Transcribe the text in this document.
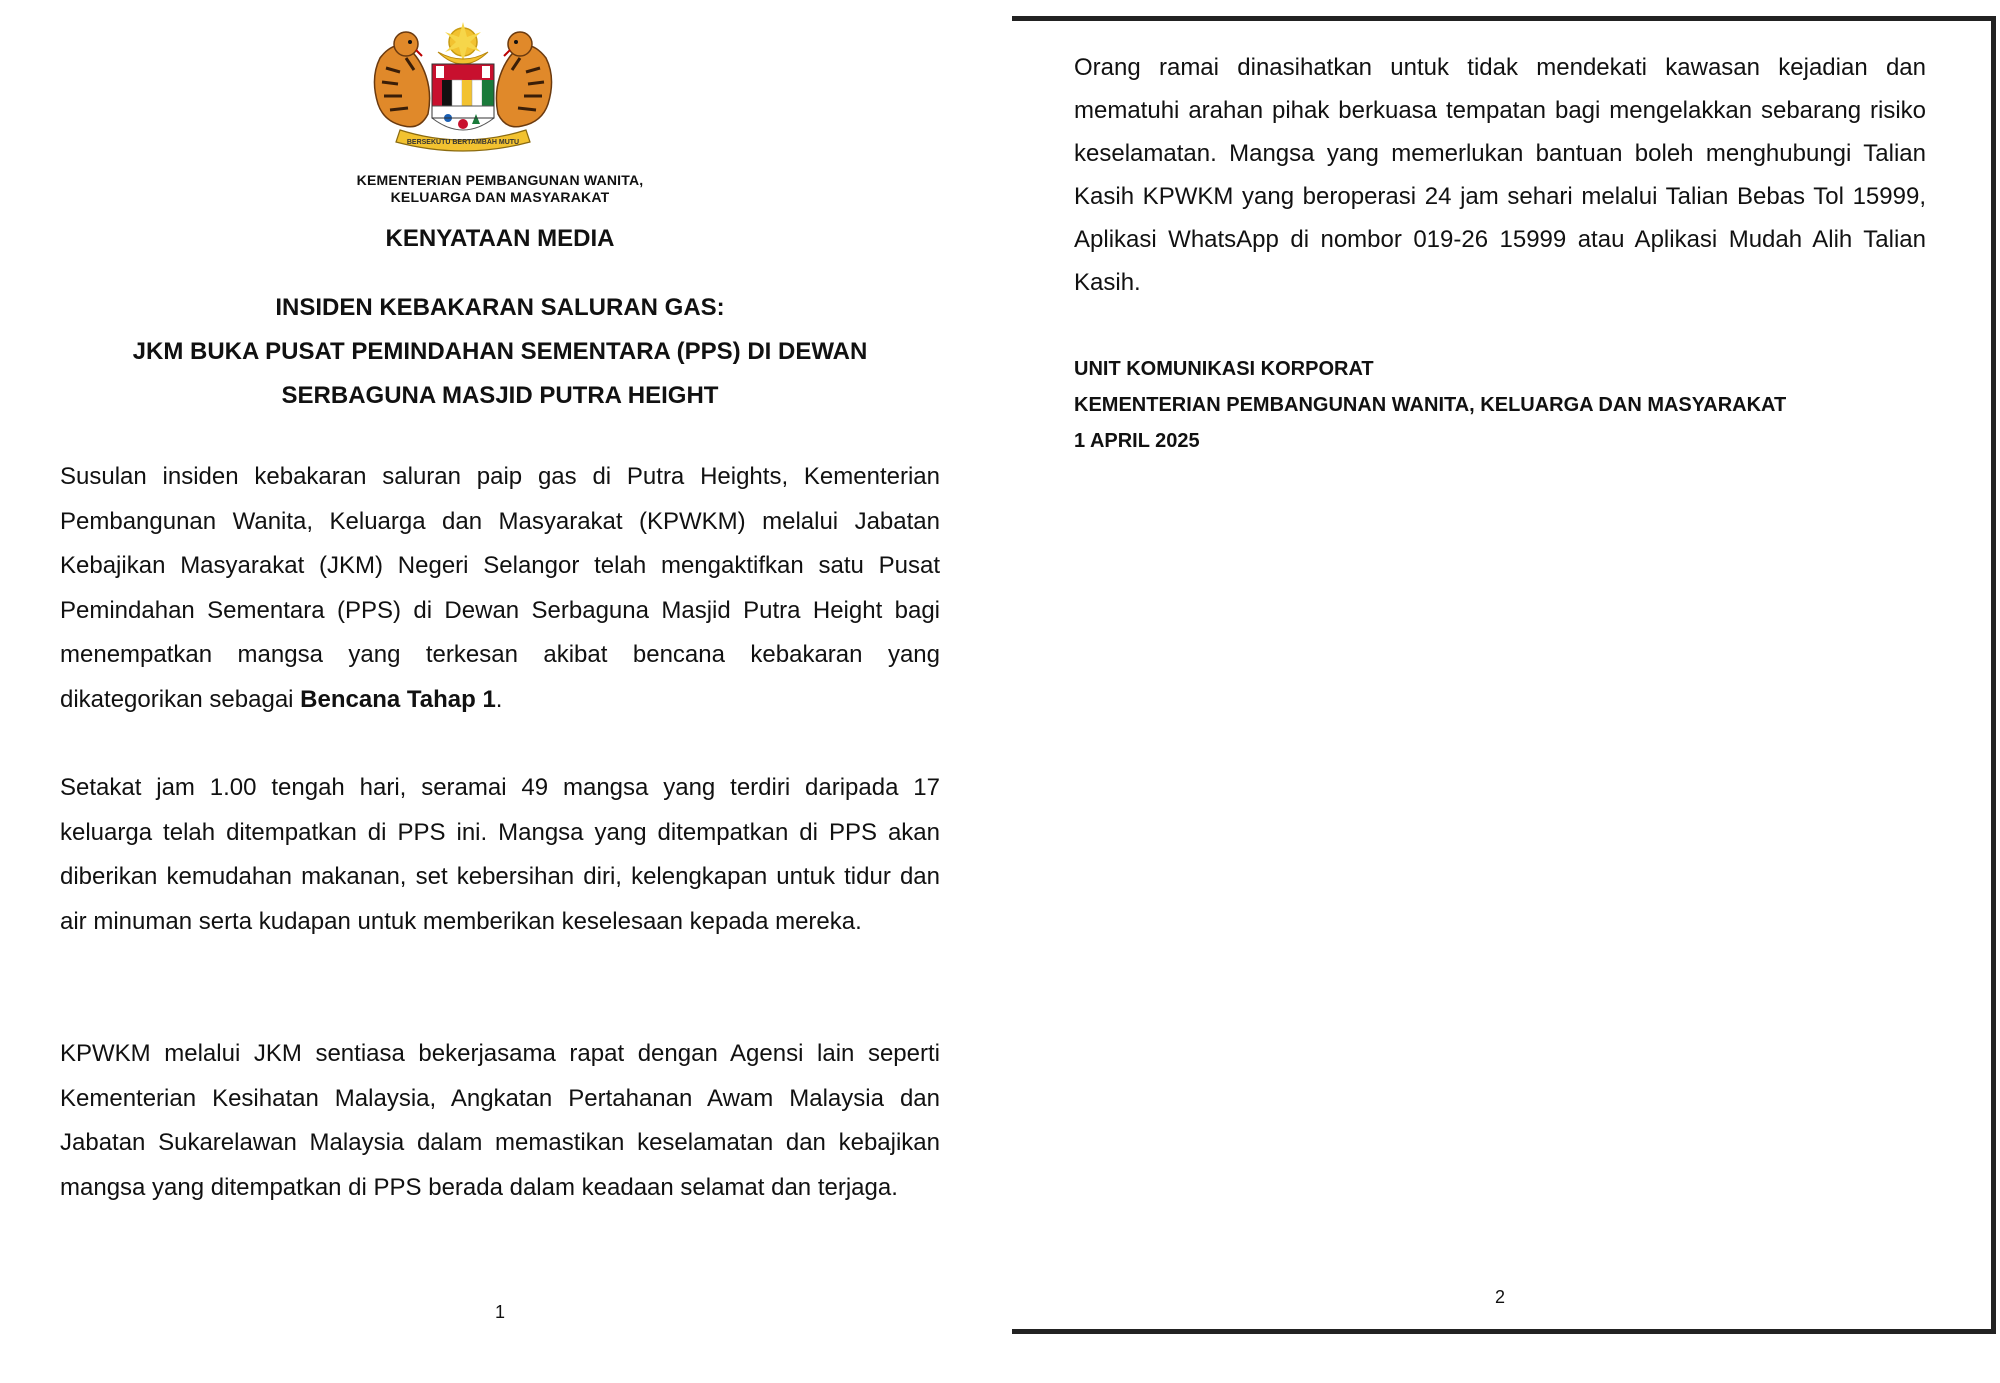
BERSEKUTU BERTAMBAH MUTU
KEMENTERIAN PEMBANGUNAN WANITA,
KELUARGA DAN MASYARAKAT
KENYATAAN MEDIA
INSIDEN KEBAKARAN SALURAN GAS:
JKM BUKA PUSAT PEMINDAHAN SEMENTARA (PPS) DI DEWAN
SERBAGUNA MASJID PUTRA HEIGHT
Susulan insiden kebakaran saluran paip gas di Putra Heights, Kementerian Pembangunan Wanita, Keluarga dan Masyarakat (KPWKM) melalui Jabatan Kebajikan Masyarakat (JKM) Negeri Selangor telah mengaktifkan satu Pusat Pemindahan Sementara (PPS) di Dewan Serbaguna Masjid Putra Height bagi menempatkan mangsa yang terkesan akibat bencana kebakaran yang dikategorikan sebagai Bencana Tahap 1.
Setakat jam 1.00 tengah hari, seramai 49 mangsa yang terdiri daripada 17 keluarga telah ditempatkan di PPS ini. Mangsa yang ditempatkan di PPS akan diberikan kemudahan makanan, set kebersihan diri, kelengkapan untuk tidur dan air minuman serta kudapan untuk memberikan keselesaan kepada mereka.
KPWKM melalui JKM sentiasa bekerjasama rapat dengan Agensi lain seperti Kementerian Kesihatan Malaysia, Angkatan Pertahanan Awam Malaysia dan Jabatan Sukarelawan Malaysia dalam memastikan keselamatan dan kebajikan mangsa yang ditempatkan di PPS berada dalam keadaan selamat dan terjaga.
1
Orang ramai dinasihatkan untuk tidak mendekati kawasan kejadian dan mematuhi arahan pihak berkuasa tempatan bagi mengelakkan sebarang risiko keselamatan. Mangsa yang memerlukan bantuan boleh menghubungi Talian Kasih KPWKM yang beroperasi 24 jam sehari melalui Talian Bebas Tol 15999, Aplikasi WhatsApp di nombor 019-26 15999 atau Aplikasi Mudah Alih Talian Kasih.
UNIT KOMUNIKASI KORPORAT
KEMENTERIAN PEMBANGUNAN WANITA, KELUARGA DAN MASYARAKAT
1 APRIL 2025
2
